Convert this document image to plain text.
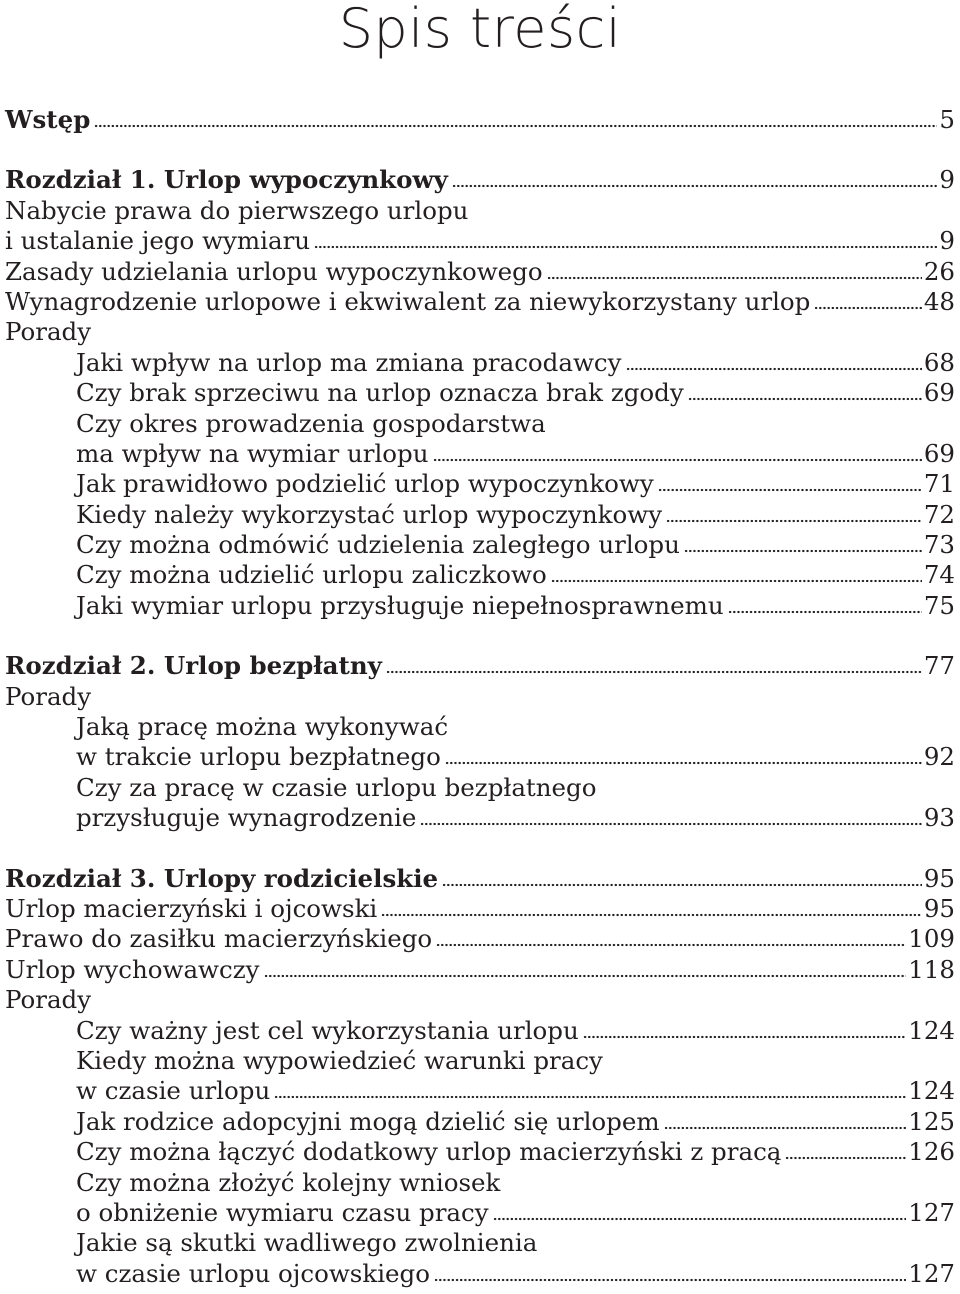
Spis treści
Wstęp	5
Rozdział 1. Urlop wypoczynkowy	9
Nabycie prawa do pierwszego urlopu
i ustalanie jego wymiaru	9
Zasady udzielania urlopu wypoczynkowego	26
Wynagrodzenie urlopowe i ekwiwalent za niewykorzystany urlop	48
Porady
Jaki wpływ na urlop ma zmiana pracodawcy	68
Czy brak sprzeciwu na urlop oznacza brak zgody	69
Czy okres prowadzenia gospodarstwa
ma wpływ na wymiar urlopu	69
Jak prawidłowo podzielić urlop wypoczynkowy	71
Kiedy należy wykorzystać urlop wypoczynkowy	72
Czy można odmówić udzielenia zaległego urlopu	73
Czy można udzielić urlopu zaliczkowo	74
Jaki wymiar urlopu przysługuje niepełnosprawnemu	75
Rozdział 2. Urlop bezpłatny	77
Porady
Jaką pracę można wykonywać
w trakcie urlopu bezpłatnego	92
Czy za pracę w czasie urlopu bezpłatnego
przysługuje wynagrodzenie	93
Rozdział 3. Urlopy rodzicielskie	95
Urlop macierzyński i ojcowski	95
Prawo do zasiłku macierzyńskiego	109
Urlop wychowawczy	118
Porady
Czy ważny jest cel wykorzystania urlopu	124
Kiedy można wypowiedzieć warunki pracy
w czasie urlopu	124
Jak rodzice adopcyjni mogą dzielić się urlopem	125
Czy można łączyć dodatkowy urlop macierzyński z pracą	126
Czy można złożyć kolejny wniosek
o obniżenie wymiaru czasu pracy	127
Jakie są skutki wadliwego zwolnienia
w czasie urlopu ojcowskiego	127
